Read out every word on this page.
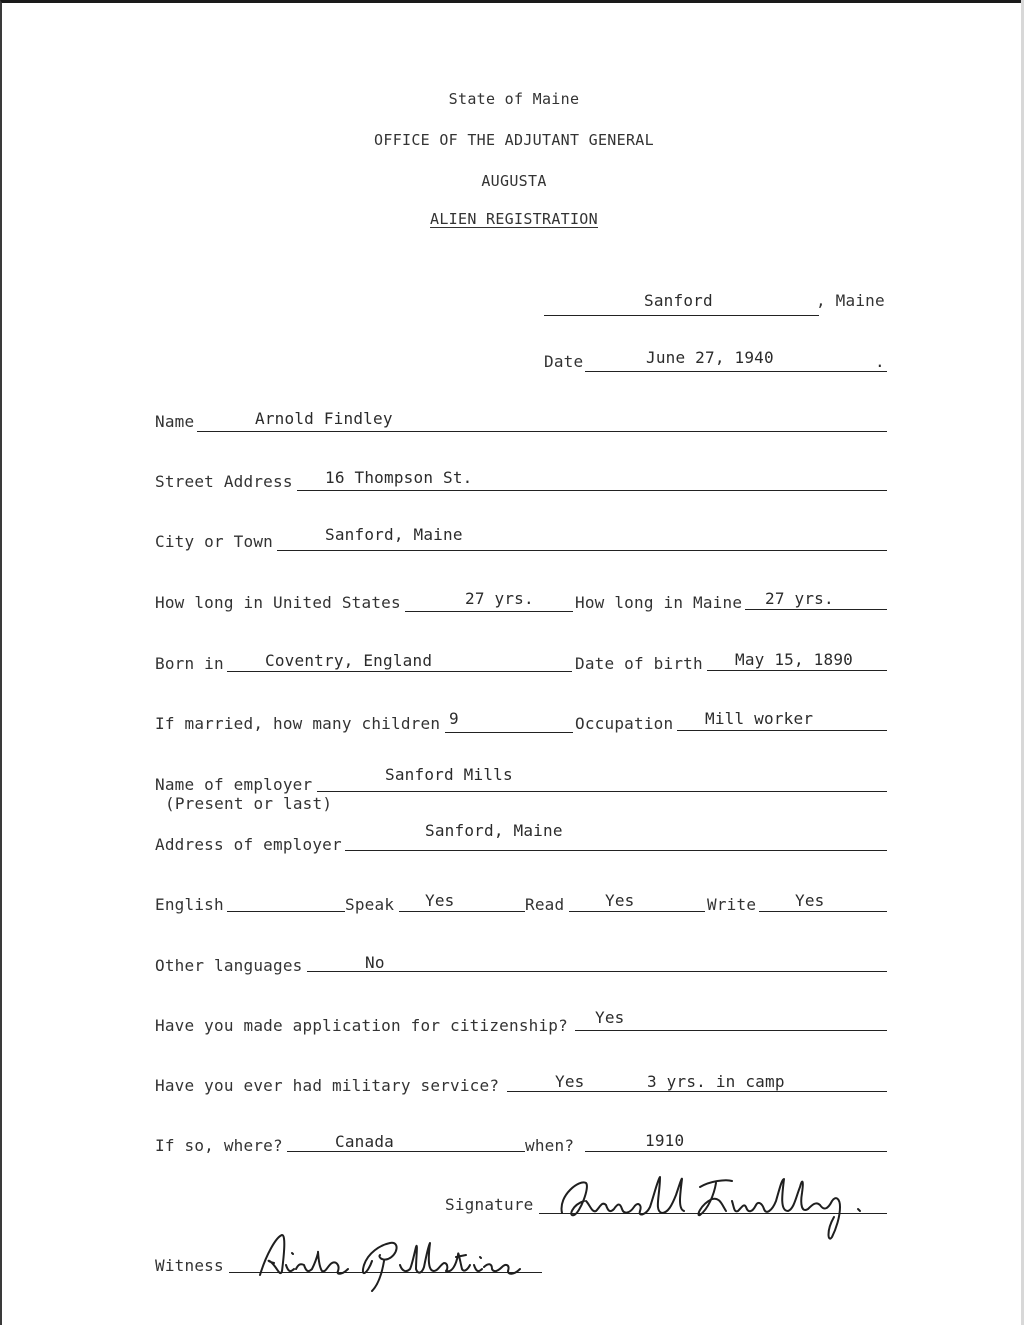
State of Maine
OFFICE OF THE ADJUTANT GENERAL
AUGUSTA
ALIEN REGISTRATION
Sanford	, Maine
Date	June 27, 1940	.
Name	Arnold Findley
Street Address 16 Thompson St.
City or Town	Sanford, Maine
How long in United States	27 yrs.	How long in Maine 27 yrs.
Born in	Coventry, England	Date of birth May 15, 1890
If married, how many children 9	Occupation Mill worker
Name of employer
(Present or last)
Sanford Mills
Address of employer
Sanford, Maine
English	Speak Yes	Read	Yes	Write Yes
Other languages	No
Have you made application for citizenship? Yes
Have you ever had military service?	Yes	3 yrs. in camp
If so, where?	Canada	when?	1910
Signature
Witness
